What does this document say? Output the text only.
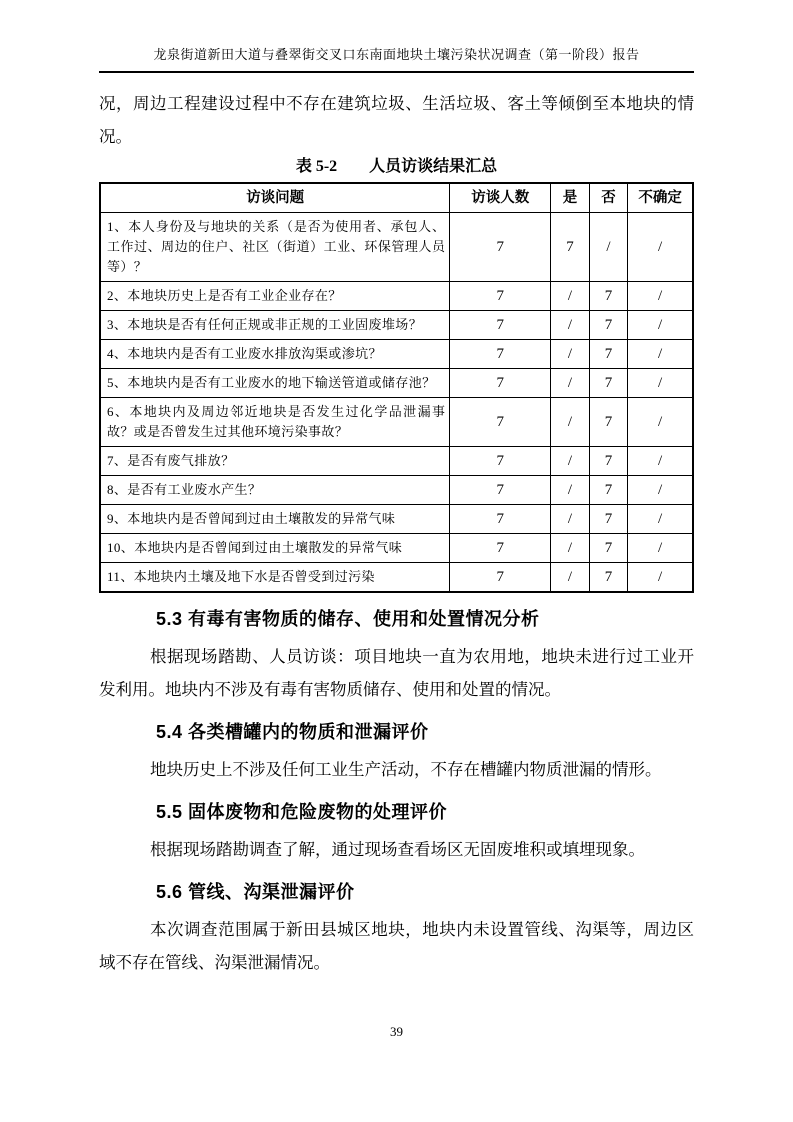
龙泉街道新田大道与叠翠街交叉口东南面地块土壤污染状况调查（第一阶段）报告

况，周边工程建设过程中不存在建筑垃圾、生活垃圾、客土等倾倒至本地块的情况。

表 5-2　　人员访谈结果汇总
访谈问题	访谈人数	是	否	不确定
1、本人身份及与地块的关系（是否为使用者、承包人、工作过、周边的住户、社区（街道）工业、环保管理人员等）？	7	7	/	/
2、本地块历史上是否有工业企业存在？	7	/	7	/
3、本地块是否有任何正规或非正规的工业固废堆场？	7	/	7	/
4、本地块内是否有工业废水排放沟渠或渗坑？	7	/	7	/
5、本地块内是否有工业废水的地下输送管道或储存池？	7	/	7	/
6、本地块内及周边邻近地块是否发生过化学品泄漏事故？或是否曾发生过其他环境污染事故？	7	/	7	/
7、是否有废气排放？	7	/	7	/
8、是否有工业废水产生？	7	/	7	/
9、本地块内是否曾闻到过由土壤散发的异常气味	7	/	7	/
10、本地块内是否曾闻到过由土壤散发的异常气味	7	/	7	/
11、本地块内土壤及地下水是否曾受到过污染	7	/	7	/
5.3 有毒有害物质的储存、使用和处置情况分析

根据现场踏勘、人员访谈：项目地块一直为农用地，地块未进行过工业开发利用。地块内不涉及有毒有害物质储存、使用和处置的情况。

5.4 各类槽罐内的物质和泄漏评价

地块历史上不涉及任何工业生产活动，不存在槽罐内物质泄漏的情形。

5.5 固体废物和危险废物的处理评价

根据现场踏勘调查了解，通过现场查看场区无固废堆积或填埋现象。

5.6 管线、沟渠泄漏评价

本次调查范围属于新田县城区地块，地块内未设置管线、沟渠等，周边区域不存在管线、沟渠泄漏情况。

39
